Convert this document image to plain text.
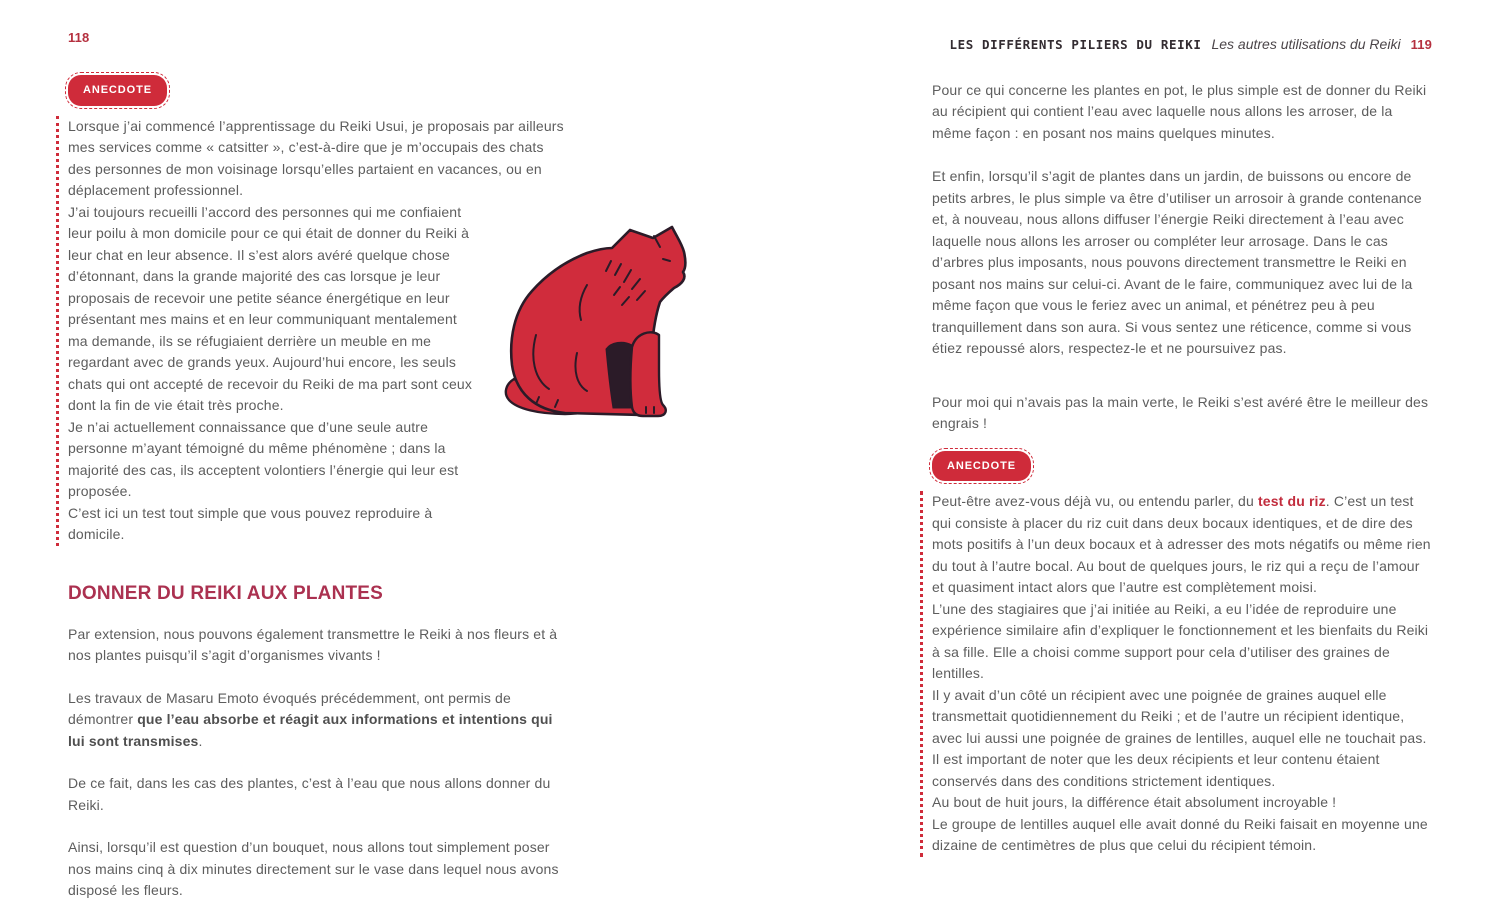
118
ANECDOTE

Lorsque j’ai commencé l’apprentissage du Reiki Usui, je proposais par ailleurs mes services comme « catsitter », c’est-à-dire que je m’occupais des chats des personnes de mon voisinage lorsqu’elles partaient en vacances, ou en déplacement professionnel.

J’ai toujours recueilli l’accord des personnes qui me confiaient leur poilu à mon domicile pour ce qui était de donner du Reiki à leur chat en leur absence. Il s’est alors avéré quelque chose d’étonnant, dans la grande majorité des cas lorsque je leur proposais de recevoir une petite séance énergétique en leur présentant mes mains et en leur communiquant mentalement ma demande, ils se réfugiaient derrière un meuble en me regardant avec de grands yeux. Aujourd’hui encore, les seuls chats qui ont accepté de recevoir du Reiki de ma part sont ceux dont la fin de vie était très proche.

Je n’ai actuellement connaissance que d’une seule autre personne m’ayant témoigné du même phénomène ; dans la majorité des cas, ils acceptent volontiers l’énergie qui leur est proposée.

C’est ici un test tout simple que vous pouvez reproduire à domicile.

DONNER DU REIKI AUX PLANTES

Par extension, nous pouvons également transmettre le Reiki à nos fleurs et à nos plantes puisqu’il s’agit d’organismes vivants !

Les travaux de Masaru Emoto évoqués précédemment, ont permis de démontrer que l’eau absorbe et réagit aux informations et intentions qui lui sont transmises.

De ce fait, dans les cas des plantes, c’est à l’eau que nous allons donner du Reiki.

Ainsi, lorsqu’il est question d’un bouquet, nous allons tout simplement poser nos mains cinq à dix minutes directement sur le vase dans lequel nous avons disposé les fleurs.

LES DIFFÉRENTS PILIERS DU REIKI Les autres utilisations du Reiki 119

Pour ce qui concerne les plantes en pot, le plus simple est de donner du Reiki au récipient qui contient l’eau avec laquelle nous allons les arroser, de la même façon : en posant nos mains quelques minutes.

Et enfin, lorsqu’il s’agit de plantes dans un jardin, de buissons ou encore de petits arbres, le plus simple va être d’utiliser un arrosoir à grande contenance et, à nouveau, nous allons diffuser l’énergie Reiki directement à l’eau avec laquelle nous allons les arroser ou compléter leur arrosage. Dans le cas d’arbres plus imposants, nous pouvons directement transmettre le Reiki en posant nos mains sur celui-ci. Avant de le faire, communiquez avec lui de la même façon que vous le feriez avec un animal, et pénétrez peu à peu tranquillement dans son aura. Si vous sentez une réticence, comme si vous étiez repoussé alors, respectez-le et ne poursuivez pas.

Pour moi qui n’avais pas la main verte, le Reiki s’est avéré être le meilleur des engrais !

ANECDOTE

Peut-être avez-vous déjà vu, ou entendu parler, du test du riz. C’est un test qui consiste à placer du riz cuit dans deux bocaux identiques, et de dire des mots positifs à l’un deux bocaux et à adresser des mots négatifs ou même rien du tout à l’autre bocal. Au bout de quelques jours, le riz qui a reçu de l’amour et quasiment intact alors que l’autre est complètement moisi.

L’une des stagiaires que j’ai initiée au Reiki, a eu l’idée de reproduire une expérience similaire afin d’expliquer le fonctionnement et les bienfaits du Reiki à sa fille. Elle a choisi comme support pour cela d’utiliser des graines de lentilles.

Il y avait d’un côté un récipient avec une poignée de graines auquel elle transmettait quotidiennement du Reiki ; et de l’autre un récipient identique, avec lui aussi une poignée de graines de lentilles, auquel elle ne touchait pas.

Il est important de noter que les deux récipients et leur contenu étaient conservés dans des conditions strictement identiques.

Au bout de huit jours, la différence était absolument incroyable !

Le groupe de lentilles auquel elle avait donné du Reiki faisait en moyenne une dizaine de centimètres de plus que celui du récipient témoin.
